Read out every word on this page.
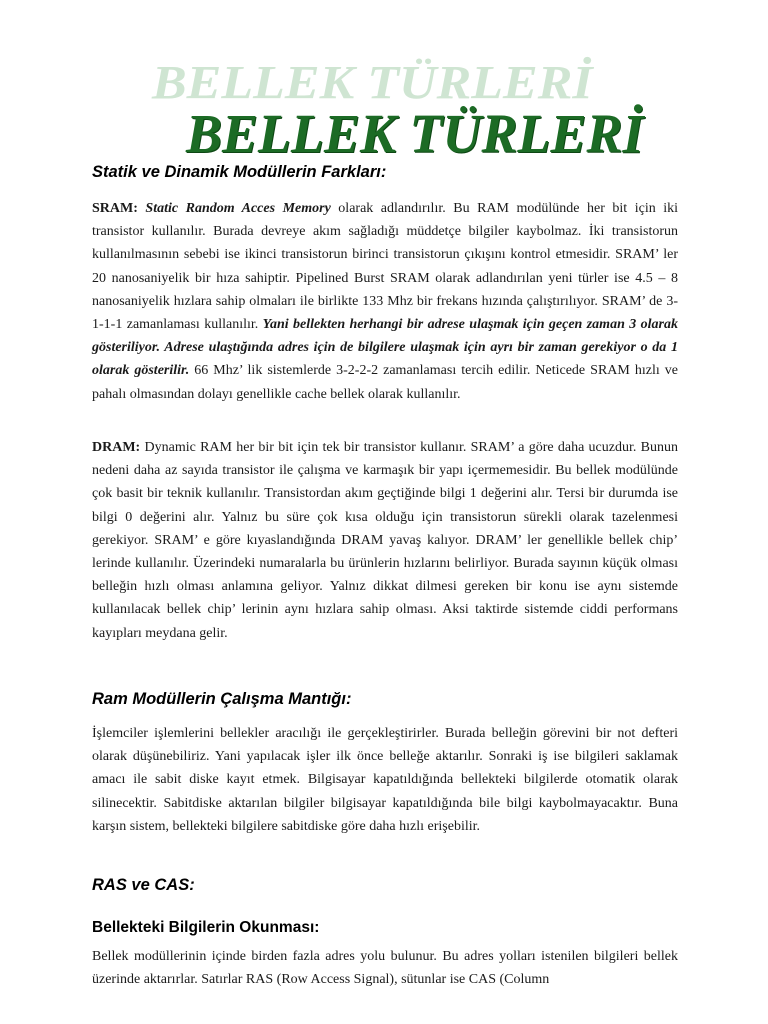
BELLEK TÜRLERİ
BELLEK TÜRLERİ
Statik ve Dinamik Modüllerin Farkları:

SRAM: Static Random Acces Memory olarak adlandırılır. Bu RAM modülünde her bit için iki transistor kullanılır. Burada devreye akım sağladığı müddetçe bilgiler kaybolmaz. İki transistorun kullanılmasının sebebi ise ikinci transistorun birinci transistorun çıkışını kontrol etmesidir. SRAM’ ler 20 nanosaniyelik bir hıza sahiptir. Pipelined Burst SRAM olarak adlandırılan yeni türler ise 4.5 – 8 nanosaniyelik hızlara sahip olmaları ile birlikte 133 Mhz bir frekans hızında çalıştırılıyor. SRAM’ de 3-1-1-1 zamanlaması kullanılır. Yani bellekten herhangi bir adrese ulaşmak için geçen zaman 3 olarak gösteriliyor. Adrese ulaştığında adres için de bilgilere ulaşmak için ayrı bir zaman gerekiyor o da 1 olarak gösterilir. 66 Mhz’ lik sistemlerde 3-2-2-2 zamanlaması tercih edilir. Neticede SRAM hızlı ve pahalı olmasından dolayı genellikle cache bellek olarak kullanılır.

DRAM: Dynamic RAM her bir bit için tek bir transistor kullanır. SRAM’ a göre daha ucuzdur. Bunun nedeni daha az sayıda transistor ile çalışma ve karmaşık bir yapı içermemesidir. Bu bellek modülünde çok basit bir teknik kullanılır. Transistordan akım geçtiğinde bilgi 1 değerini alır. Tersi bir durumda ise bilgi 0 değerini alır. Yalnız bu süre çok kısa olduğu için transistorun sürekli olarak tazelenmesi gerekiyor. SRAM’ e göre kıyaslandığında DRAM yavaş kalıyor. DRAM’ ler genellikle bellek chip’ lerinde kullanılır. Üzerindeki numaralarla bu ürünlerin hızlarını belirliyor. Burada sayının küçük olması belleğin hızlı olması anlamına geliyor. Yalnız dikkat dilmesi gereken bir konu ise aynı sistemde kullanılacak bellek chip’ lerinin aynı hızlara sahip olması. Aksi taktirde sistemde ciddi performans kayıpları meydana gelir.

Ram Modüllerin Çalışma Mantığı:

İşlemciler işlemlerini bellekler aracılığı ile gerçekleştirirler. Burada belleğin görevini bir not defteri olarak düşünebiliriz. Yani yapılacak işler ilk önce belleğe aktarılır. Sonraki iş ise bilgileri saklamak amacı ile sabit diske kayıt etmek. Bilgisayar kapatıldığında bellekteki bilgilerde otomatik olarak silinecektir. Sabitdiske aktarılan bilgiler bilgisayar kapatıldığında bile bilgi kaybolmayacaktır. Buna karşın sistem, bellekteki bilgilere sabitdiske göre daha hızlı erişebilir.

RAS ve CAS:
Bellekteki Bilgilerin Okunması:

Bellek modüllerinin içinde birden fazla adres yolu bulunur. Bu adres yolları istenilen bilgileri bellek üzerinde aktarırlar. Satırlar RAS (Row Access Signal), sütunlar ise CAS (Column
